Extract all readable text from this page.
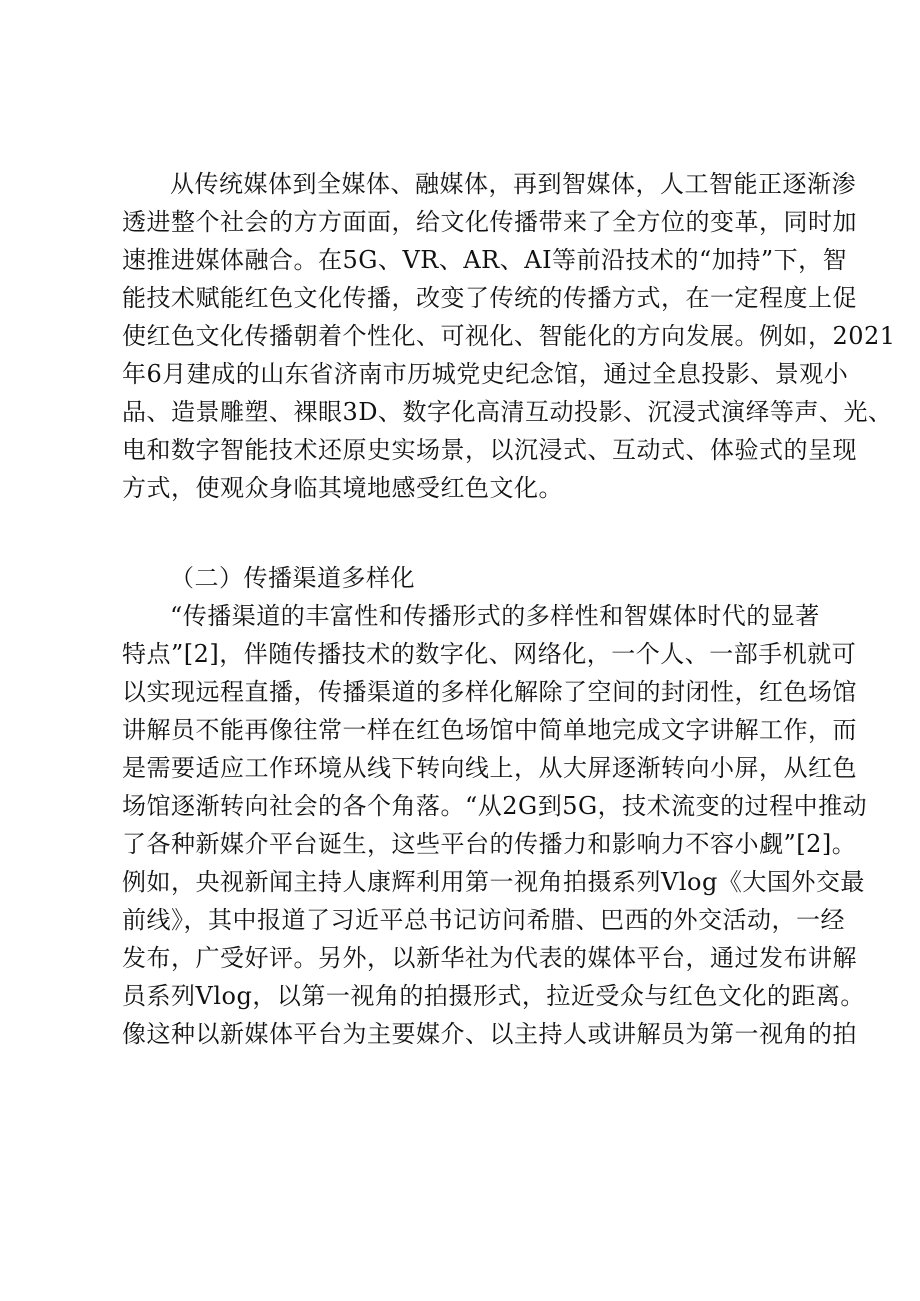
从传统媒体到全媒体、融媒体，再到智媒体，人工智能正逐渐渗
透进整个社会的方方面面，给文化传播带来了全方位的变革，同时加
速推进媒体融合。在5G、VR、AR、AI等前沿技术的“加持”下，智
能技术赋能红色文化传播，改变了传统的传播方式，在一定程度上促
使红色文化传播朝着个性化、可视化、智能化的方向发展。例如，2021
年6月建成的山东省济南市历城党史纪念馆，通过全息投影、景观小
品、造景雕塑、裸眼3D、数字化高清互动投影、沉浸式演绎等声、光、
电和数字智能技术还原史实场景，以沉浸式、互动式、体验式的呈现
方式，使观众身临其境地感受红色文化。
（二）传播渠道多样化
“传播渠道的丰富性和传播形式的多样性和智媒体时代的显著
特点”[2]，伴随传播技术的数字化、网络化，一个人、一部手机就可
以实现远程直播，传播渠道的多样化解除了空间的封闭性，红色场馆
讲解员不能再像往常一样在红色场馆中简单地完成文字讲解工作，而
是需要适应工作环境从线下转向线上，从大屏逐渐转向小屏，从红色
场馆逐渐转向社会的各个角落。“从2G到5G，技术流变的过程中推动
了各种新媒介平台诞生，这些平台的传播力和影响力不容小觑”[2]。
例如，央视新闻主持人康辉利用第一视角拍摄系列Vlog《大国外交最
前线》，其中报道了习近平总书记访问希腊、巴西的外交活动，一经
发布，广受好评。另外，以新华社为代表的媒体平台，通过发布讲解
员系列Vlog，以第一视角的拍摄形式，拉近受众与红色文化的距离。
像这种以新媒体平台为主要媒介、以主持人或讲解员为第一视角的拍
